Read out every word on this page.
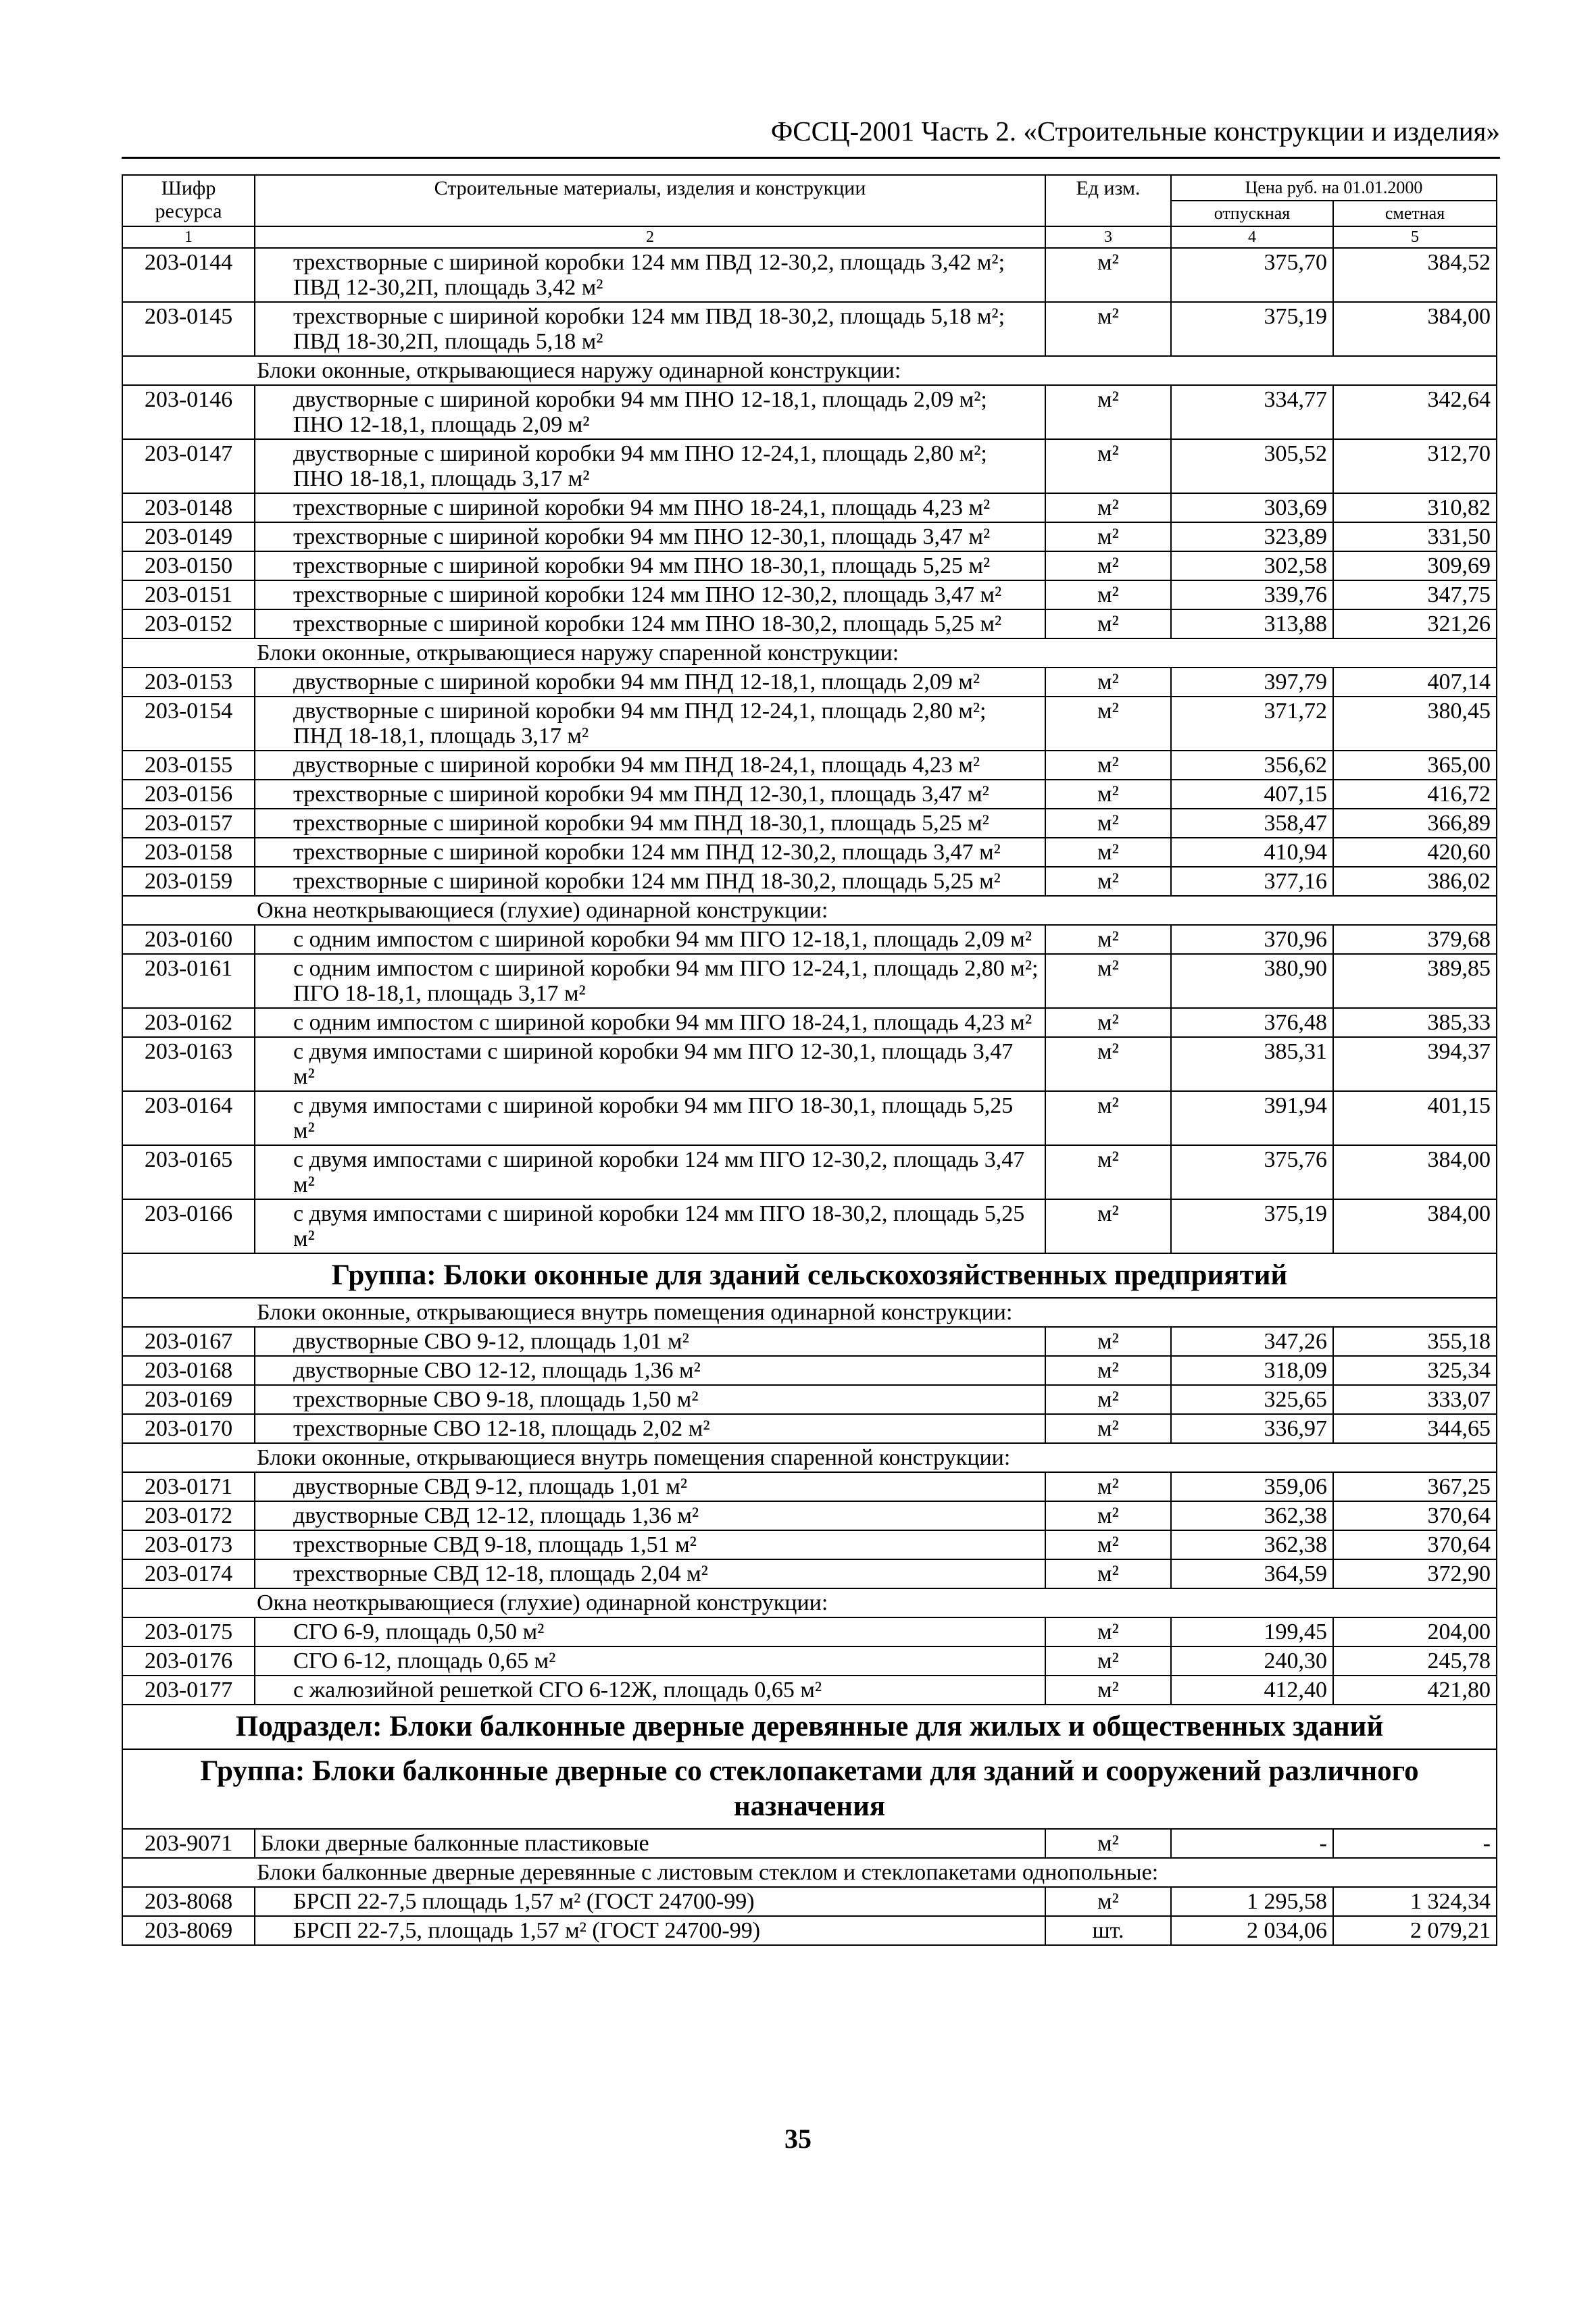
ФССЦ-2001 Часть 2. «Строительные конструкции и изделия»
Шифр ресурса	Строительные материалы, изделия и конструкции	Ед изм.	Цена руб. на 01.01.2000	
			отпускная	сметная
1	2	3	4	5
203-0144	трехстворные с шириной коробки 124 мм ПВД 12-30,2, площадь 3,42 м²; ПВД 12-30,2П, площадь 3,42 м²	м²	375,70	384,52
203-0145	трехстворные с шириной коробки 124 мм ПВД 18-30,2, площадь 5,18 м²; ПВД 18-30,2П, площадь 5,18 м²	м²	375,19	384,00
Блоки оконные, открывающиеся наружу одинарной конструкции:				
203-0146	двустворные с шириной коробки 94 мм ПНО 12-18,1, площадь 2,09 м²; ПНО 12-18,1, площадь 2,09 м²	м²	334,77	342,64
203-0147	двустворные с шириной коробки 94 мм ПНО 12-24,1, площадь 2,80 м²; ПНО 18-18,1, площадь 3,17 м²	м²	305,52	312,70
203-0148	трехстворные с шириной коробки 94 мм ПНО 18-24,1, площадь 4,23 м²	м²	303,69	310,82
203-0149	трехстворные с шириной коробки 94 мм ПНО 12-30,1, площадь 3,47 м²	м²	323,89	331,50
203-0150	трехстворные с шириной коробки 94 мм ПНО 18-30,1, площадь 5,25 м²	м²	302,58	309,69
203-0151	трехстворные с шириной коробки 124 мм ПНО 12-30,2, площадь 3,47 м²	м²	339,76	347,75
203-0152	трехстворные с шириной коробки 124 мм ПНО 18-30,2, площадь 5,25 м²	м²	313,88	321,26
Блоки оконные, открывающиеся наружу спаренной конструкции:				
203-0153	двустворные с шириной коробки 94 мм ПНД 12-18,1, площадь 2,09 м²	м²	397,79	407,14
203-0154	двустворные с шириной коробки 94 мм ПНД 12-24,1, площадь 2,80 м²; ПНД 18-18,1, площадь 3,17 м²	м²	371,72	380,45
203-0155	двустворные с шириной коробки 94 мм ПНД 18-24,1, площадь 4,23 м²	м²	356,62	365,00
203-0156	трехстворные с шириной коробки 94 мм ПНД 12-30,1, площадь 3,47 м²	м²	407,15	416,72
203-0157	трехстворные с шириной коробки 94 мм ПНД 18-30,1, площадь 5,25 м²	м²	358,47	366,89
203-0158	трехстворные с шириной коробки 124 мм ПНД 12-30,2, площадь 3,47 м²	м²	410,94	420,60
203-0159	трехстворные с шириной коробки 124 мм ПНД 18-30,2, площадь 5,25 м²	м²	377,16	386,02
Окна неоткрывающиеся (глухие) одинарной конструкции:				
203-0160	с одним импостом с шириной коробки 94 мм ПГО 12-18,1, площадь 2,09 м²	м²	370,96	379,68
203-0161	с одним импостом с шириной коробки 94 мм ПГО 12-24,1, площадь 2,80 м²; ПГО 18-18,1, площадь 3,17 м²	м²	380,90	389,85
203-0162	с одним импостом с шириной коробки 94 мм ПГО 18-24,1, площадь 4,23 м²	м²	376,48	385,33
203-0163	с двумя импостами с шириной коробки 94 мм ПГО 12-30,1, площадь 3,47 м²	м²	385,31	394,37
203-0164	с двумя импостами с шириной коробки 94 мм ПГО 18-30,1, площадь 5,25 м²	м²	391,94	401,15
203-0165	с двумя импостами с шириной коробки 124 мм ПГО 12-30,2, площадь 3,47 м²	м²	375,76	384,00
203-0166	с двумя импостами с шириной коробки 124 мм ПГО 18-30,2, площадь 5,25 м²	м²	375,19	384,00
Группа: Блоки оконные для зданий сельскохозяйственных предприятий				
Блоки оконные, открывающиеся внутрь помещения одинарной конструкции:				
203-0167	двустворные СВО 9-12, площадь 1,01 м²	м²	347,26	355,18
203-0168	двустворные СВО 12-12, площадь 1,36 м²	м²	318,09	325,34
203-0169	трехстворные СВО 9-18, площадь 1,50 м²	м²	325,65	333,07
203-0170	трехстворные СВО 12-18, площадь 2,02 м²	м²	336,97	344,65
Блоки оконные, открывающиеся внутрь помещения спаренной конструкции:				
203-0171	двустворные СВД 9-12, площадь 1,01 м²	м²	359,06	367,25
203-0172	двустворные СВД 12-12, площадь 1,36 м²	м²	362,38	370,64
203-0173	трехстворные СВД 9-18, площадь 1,51 м²	м²	362,38	370,64
203-0174	трехстворные СВД 12-18, площадь 2,04 м²	м²	364,59	372,90
Окна неоткрывающиеся (глухие) одинарной конструкции:				
203-0175	СГО 6-9, площадь 0,50 м²	м²	199,45	204,00
203-0176	СГО 6-12, площадь 0,65 м²	м²	240,30	245,78
203-0177	с жалюзийной решеткой СГО 6-12Ж, площадь 0,65 м²	м²	412,40	421,80
Подраздел: Блоки балконные дверные деревянные для жилых и общественных зданий				
Группа: Блоки балконные дверные со стеклопакетами для зданий и сооружений различного назначения				
203-9071	Блоки дверные балконные пластиковые	м²	-	-
Блоки балконные дверные деревянные с листовым стеклом и стеклопакетами однопольные:				
203-8068	БРСП 22-7,5 площадь 1,57 м² (ГОСТ 24700-99)	м²	1 295,58	1 324,34
203-8069	БРСП 22-7,5, площадь 1,57 м² (ГОСТ 24700-99)	шт.	2 034,06	2 079,21
35
